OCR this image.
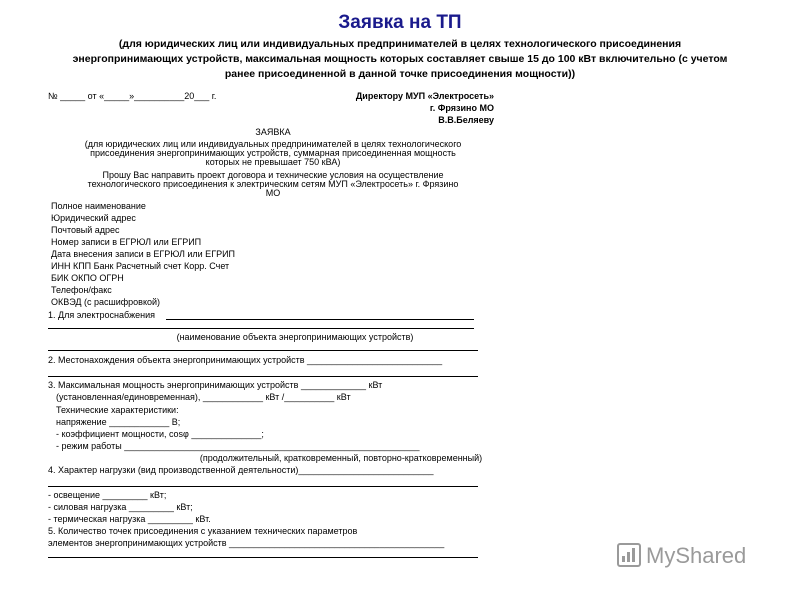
Заявка на ТП
(для юридических лиц или индивидуальных предпринимателей в целях технологического присоединения
энергопринимающих устройств, максимальная мощность которых составляет свыше 15 до 100 кВт включительно (с учетом
ранее присоединенной в данной точке присоединения мощности))
№ _____ от «_____»__________20___ г.	Директору МУП «Электросеть»
г. Фрязино МО
В.В.Беляеву
ЗАЯВКА
(для юридических лиц или индивидуальных предпринимателей в целях технологического
присоединения энергопринимающих устройств, суммарная присоединенная мощность
которых не превышает 750 кВА)
Прошу Вас направить проект договора и технические условия на осуществление
технологического присоединения к электрическим сетям МУП «Электросеть» г. Фрязино
МО
Полное наименование
Юридический адрес
Почтовый адрес
Номер записи в ЕГРЮЛ или ЕГРИП
Дата внесения записи в ЕГРЮЛ или ЕГРИП
ИНН КПП Банк Расчетный счет Корр. Счет
БИК ОКПО ОГРН
Телефон/факс
ОКВЭД (с расшифровкой)
1. Для электроснабжения
(наименование объекта энергопринимающих устройств)
2. Местонахождения объекта энергопринимающих устройств ___________________________
3. Максимальная мощность энергопринимающих устройств _____________ кВт
(установленная/единовременная), ____________ кВт /__________ кВт
Технические характеристики:
напряжение ____________ В;
- коэффициент мощности, cosφ ______________;
- режим работы ___________________________________________________________
(продолжительный, кратковременный, повторно-кратковременный)
4. Характер нагрузки (вид производственной деятельности)___________________________
- освещение _________ кВт;
- силовая нагрузка _________ кВт;
- термическая нагрузка _________ кВт.
5. Количество точек присоединения с указанием технических параметров
элементов энергопринимающих устройств ___________________________________________	MyShared
